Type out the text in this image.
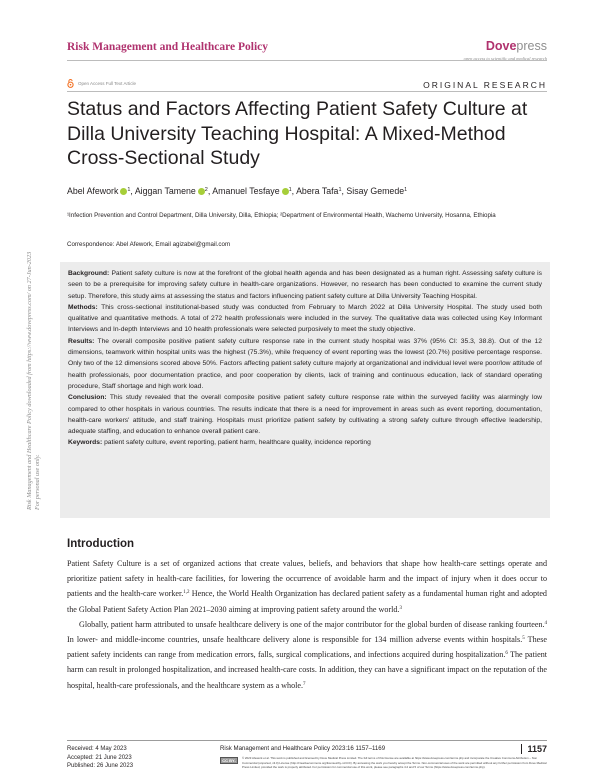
Risk Management and Healthcare Policy	Dovepress
open access to scientific and medical research
Open Access Full Text Article	ORIGINAL RESEARCH
Risk Management and Healthcare Policy downloaded from https://www.dovepress.com/ on 27-Jun-2023 For personal use only.
Status and Factors Affecting Patient Safety Culture at Dilla University Teaching Hospital: A Mixed-Method Cross-Sectional Study
Abel Afework $^1$, Aiggan Tamene $^2$, Amanuel Tesfaye $^1$, Abera Tafa$^1$, Sisay Gemede$^1$
¹Infection Prevention and Control Department, Dilla University, Dilla, Ethiopia; ²Department of Environmental Health, Wachemo University, Hosanna, Ethiopia
Correspondence: Abel Afework, Email agizabel@gmail.com

Background: Patient safety culture is now at the forefront of the global health agenda and has been designated as a human right. Assessing safety culture is seen to be a prerequisite for improving safety culture in health-care organizations. However, no research has been conducted to examine the current study setup. Therefore, this study aims at assessing the status and factors influencing patient safety culture at Dilla University Teaching Hospital.

Methods: This cross-sectional institutional-based study was conducted from February to March 2022 at Dilla University Hospital. The study used both qualitative and quantitative methods. A total of 272 health professionals were included in the survey. The qualitative data was collected using Key Informant Interviews and In-depth Interviews and 10 health professionals were selected purposively to meet the study objective.

Results: The overall composite positive patient safety culture response rate in the current study hospital was 37% (95% CI: 35.3, 38.8). Out of the 12 dimensions, teamwork within hospital units was the highest (75.3%), while frequency of event reporting was the lowest (20.7%) positive percentage response. Only two of the 12 dimensions scored above 50%. Factors affecting patient safety culture majorly at organizational and individual level were poor/low attitude of health professionals, poor documentation practice, and poor cooperation by clients, lack of training and continuous education, lack of standard operating procedure, Staff shortage and high work load.

Conclusion: This study revealed that the overall composite positive patient safety culture response rate within the surveyed facility was alarmingly low compared to other hospitals in various countries. The results indicate that there is a need for improvement in areas such as event reporting, documentation, health-care workers' attitude, and staff training. Hospitals must prioritize patient safety by cultivating a strong safety culture through effective leadership, adequate staffing, and education to enhance overall patient care.

Keywords: patient safety culture, event reporting, patient harm, healthcare quality, incidence reporting

Introduction

Patient Safety Culture is a set of organized actions that create values, beliefs, and behaviors that shape how health-care settings operate and prioritize patient safety in health-care facilities, for lowering the occurrence of avoidable harm and the impact of injury when it does occur to patients and the health-care worker.$^{1,2}$ Hence, the World Health Organization has declared patient safety as a fundamental human right and adopted the Global Patient Safety Action Plan 2021–2030 aiming at improving patient safety around the world.$^3$

Globally, patient harm attributed to unsafe healthcare delivery is one of the major contributor for the global burden of disease ranking fourteen.$^4$ In lower- and middle-income countries, unsafe healthcare delivery alone is responsible for 134 million adverse events within hospitals.$^5$ These patient safety incidents can range from medication errors, falls, surgical complications, and infections acquired during hospitalization.$^6$ The patient harm can result in prolonged hospitalization, and increased health-care costs. In addition, they can have a significant impact on the reputation of the hospital, health-care professionals, and the healthcare system as a whole.$^7$

Received: 4 May 2023
Accepted: 21 June 2023
Published: 26 June 2023
Risk Management and Healthcare Policy 2023:16 1157–1169	1157
CC BY-NC
© 2023 Afework et al. This work is published and licensed by Dove Medical Press Limited. The full terms of this license are available at https://www.dovepress.com/terms.php and incorporate the Creative Commons Attribution – Non Commercial (unported, v3.0) License (http://creativecommons.org/licenses/by-nc/3.0/). By accessing the work you hereby accept the Terms. Non-commercial uses of the work are permitted without any further permission from Dove Medical Press Limited, provided the work is properly attributed. For permission for commercial use of this work, please see paragraphs 4.2 and 5 of our Terms (https://www.dovepress.com/terms.php).
